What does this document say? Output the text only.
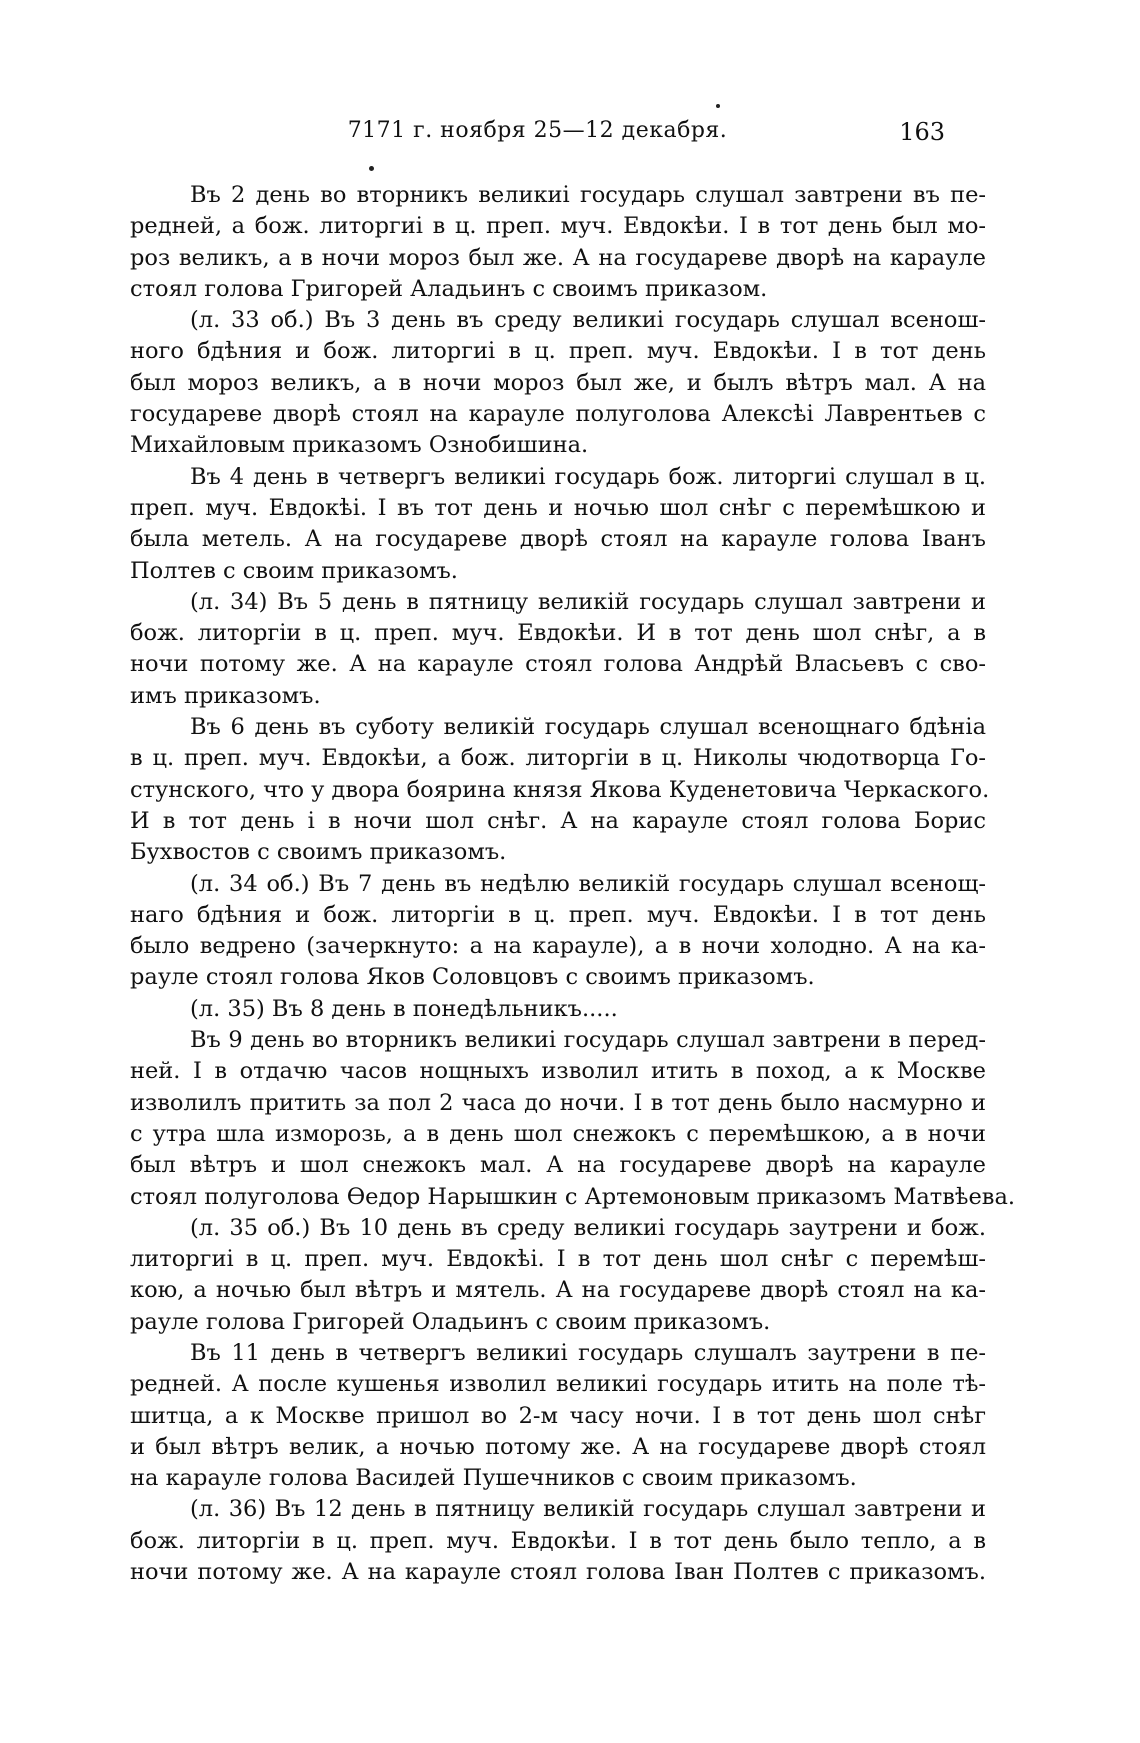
7171 г. ноября 25—12 декабря.	163
Въ 2 день во вторникъ великиі государь слушал завтрени въ пе-
редней, а бож. литоргиі в ц. преп. муч. Евдокѣи. І в тот день был мо-
роз великъ, а в ночи мороз был же. А на государеве дворѣ на карауле
стоял голова Григорей Аладьинъ с своимъ приказом.
(л. 33 об.) Въ 3 день въ среду великиі государь слушал всенош-
ного бдѣния и бож. литоргиі в ц. преп. муч. Евдокѣи. І в тот день
был мороз великъ, а в ночи мороз был же, и былъ вѣтръ мал. А на
государеве дворѣ стоял на карауле полуголова Алексѣі Лаврентьев с
Михайловым приказомъ Ознобишина.
Въ 4 день в четвергъ великиі государь бож. литоргиі слушал в ц.
преп. муч. Евдокѣі. І въ тот день и ночью шол снѣг с перемѣшкою и
была метель. А на государеве дворѣ стоял на карауле голова Іванъ
Полтев с своим приказомъ.
(л. 34) Въ 5 день в пятницу великій государь слушал завтрени и
бож. литоргіи в ц. преп. муч. Евдокѣи. И в тот день шол снѣг, а в
ночи потому же. А на карауле стоял голова Андрѣй Власьевъ с сво-
имъ приказомъ.
Въ 6 день въ суботу великій государь слушал всенощнаго бдѣніа
в ц. преп. муч. Евдокѣи, а бож. литоргіи в ц. Николы чюдотворца Го-
стунского, что у двора боярина князя Якова Куденетовича Черкаского.
И в тот день і в ночи шол снѣг. А на карауле стоял голова Борис
Бухвостов с своимъ приказомъ.
(л. 34 об.) Въ 7 день въ недѣлю великій государь слушал всенощ-
наго бдѣния и бож. литоргіи в ц. преп. муч. Евдокѣи. І в тот день
было ведрено (зачеркнуто: а на карауле), а в ночи холодно. А на ка-
рауле стоял голова Яков Соловцовъ с своимъ приказомъ.
(л. 35) Въ 8 день в понедѣльникъ.....
Въ 9 день во вторникъ великиі государь слушал завтрени в перед-
ней. І в отдачю часов нощныхъ изволил итить в поход, а к Москве
изволилъ притить за пол 2 часа до ночи. І в тот день было насмурно и
с утра шла изморозь, а в день шол снежокъ с перемѣшкою, а в ночи
был вѣтръ и шол снежокъ мал. А на государеве дворѣ на карауле
стоял полуголова Ѳедор Нарышкин с Артемоновым приказомъ Матвѣева.
(л. 35 об.) Въ 10 день въ среду великиі государь заутрени и бож.
литоргиі в ц. преп. муч. Евдокѣі. І в тот день шол снѣг с перемѣш-
кою, а ночью был вѣтръ и мятель. А на государеве дворѣ стоял на ка-
рауле голова Григорей Оладьинъ с своим приказомъ.
Въ 11 день в четвергъ великиі государь слушалъ заутрени в пе-
редней. А после кушенья изволил великиі государь итить на поле тѣ-
шитца, а к Москве пришол во 2-м часу ночи. І в тот день шол снѣг
и был вѣтръ велик, а ночью потому же. А на государеве дворѣ стоял
на карауле голова Василей Пушечников с своим приказомъ.
(л. 36) Въ 12 день в пятницу великій государь слушал завтрени и
бож. литоргіи в ц. преп. муч. Евдокѣи. І в тот день было тепло, а в
ночи потому же. А на карауле стоял голова Іван Полтев с приказомъ.
